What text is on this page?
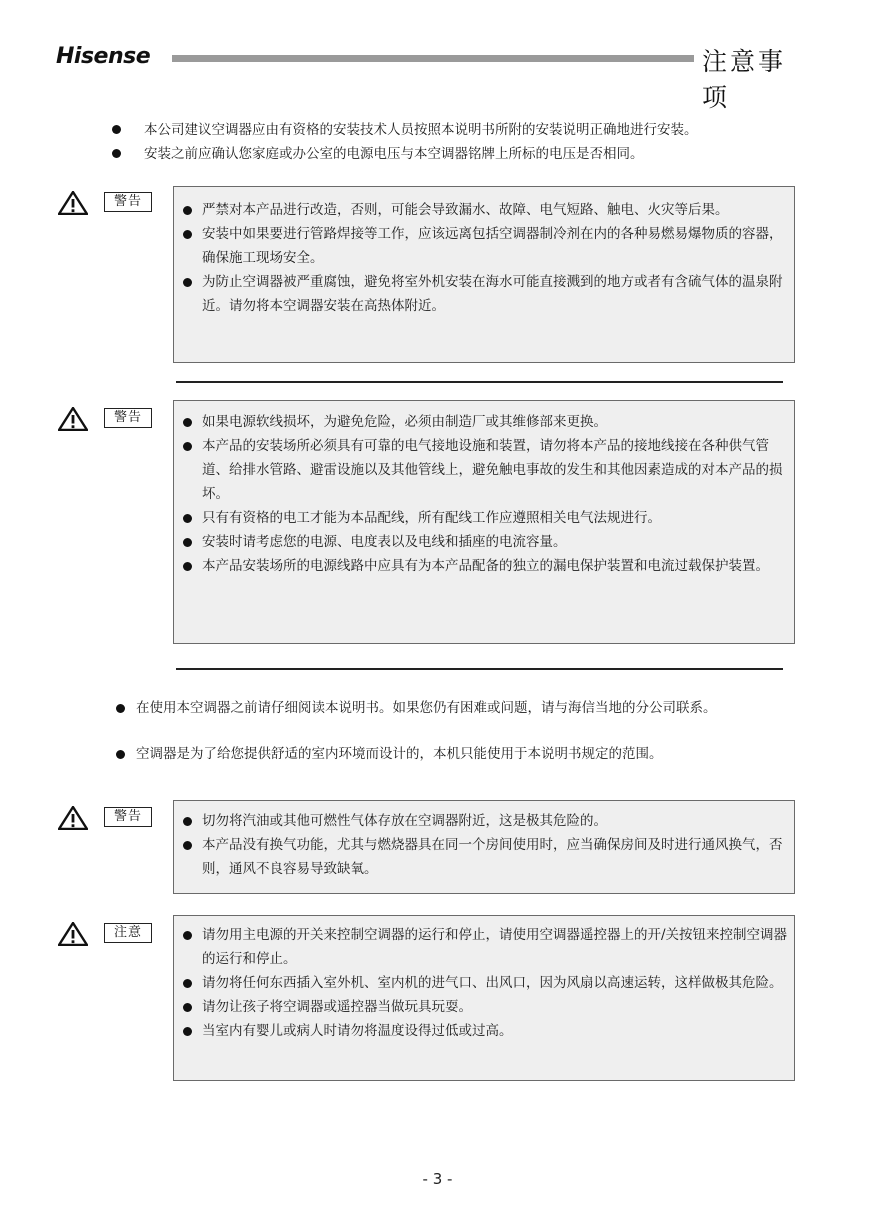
Hisense	注意事项
本公司建议空调器应由有资格的安装技术人员按照本说明书所附的安装说明正确地进行安装。
安装之前应确认您家庭或办公室的电源电压与本空调器铭牌上所标的电压是否相同。
警告
严禁对本产品进行改造，否则，可能会导致漏水、故障、电气短路、触电、火灾等后果。
安装中如果要进行管路焊接等工作，应该远离包括空调器制冷剂在内的各种易燃易爆物质的容器，确保施工现场安全。
为防止空调器被严重腐蚀，避免将室外机安装在海水可能直接溅到的地方或者有含硫气体的温泉附近。请勿将本空调器安装在高热体附近。
警告	如果电源软线损坏，为避免危险，必须由制造厂或其维修部来更换。
本产品的安装场所必须具有可靠的电气接地设施和装置，请勿将本产品的接地线接在各种供气管道、给排水管路、避雷设施以及其他管线上，避免触电事故的发生和其他因素造成的对本产品的损坏。
只有有资格的电工才能为本品配线，所有配线工作应遵照相关电气法规进行。
安装时请考虑您的电源、电度表以及电线和插座的电流容量。
本产品安装场所的电源线路中应具有为本产品配备的独立的漏电保护装置和电流过载保护装置。
在使用本空调器之前请仔细阅读本说明书。如果您仍有困难或问题，请与海信当地的分公司联系。
空调器是为了给您提供舒适的室内环境而设计的，本机只能使用于本说明书规定的范围。
警告	切勿将汽油或其他可燃性气体存放在空调器附近，这是极其危险的。
本产品没有换气功能，尤其与燃烧器具在同一个房间使用时，应当确保房间及时进行通风换气，否则，通风不良容易导致缺氧。
注意	请勿用主电源的开关来控制空调器的运行和停止，请使用空调器遥控器上的开/关按钮来控制空调器的运行和停止。
请勿将任何东西插入室外机、室内机的进气口、出风口，因为风扇以高速运转，这样做极其危险。
请勿让孩子将空调器或遥控器当做玩具玩耍。
当室内有婴儿或病人时请勿将温度设得过低或过高。
- 3 -
